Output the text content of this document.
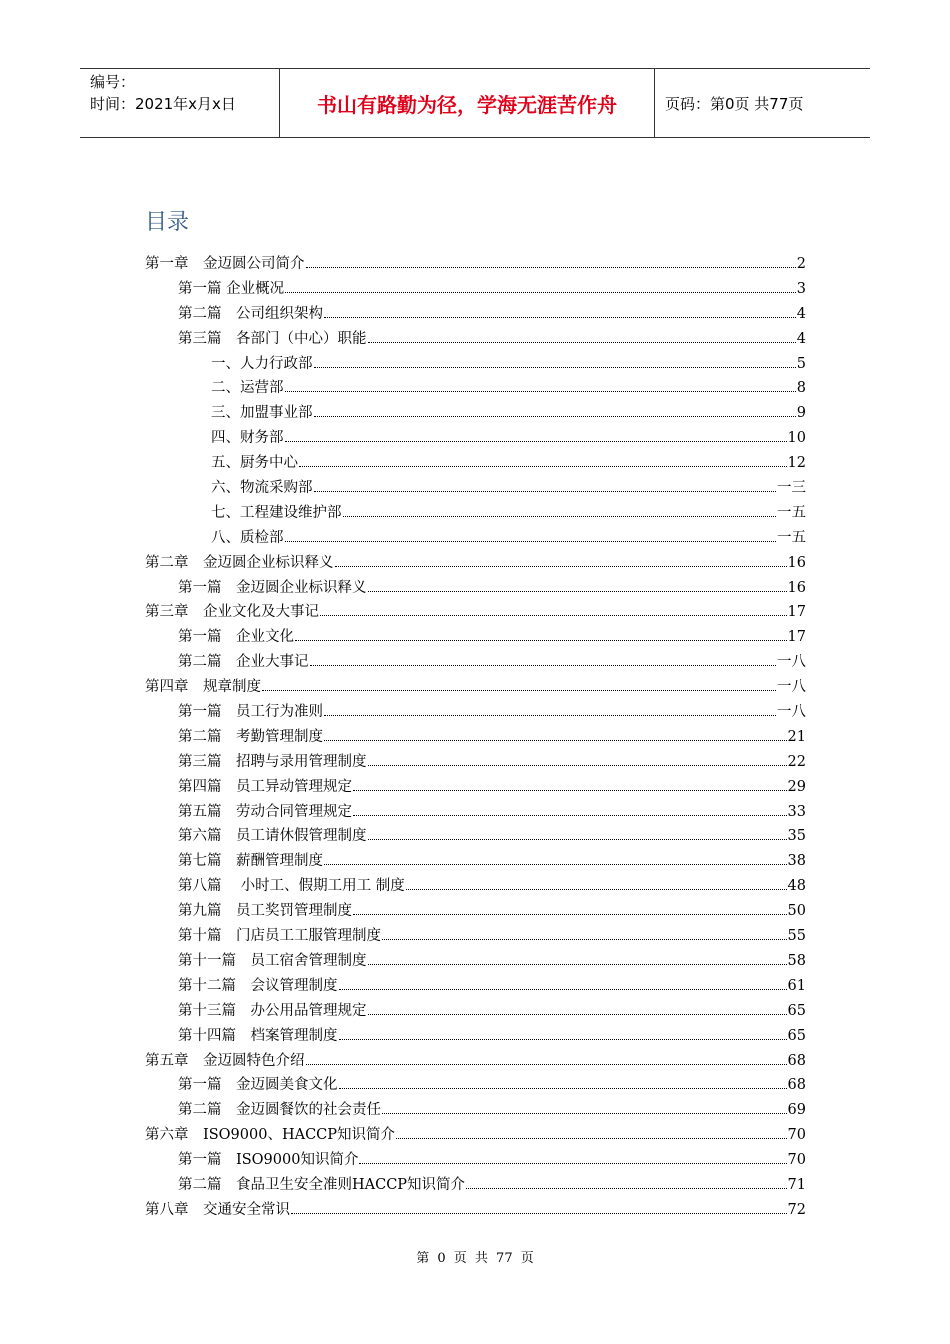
编号：
时间：2021年x月x日	书山有路勤为径，学海无涯苦作舟	页码：第0页 共77页
目录
第一章　金迈圆公司简介	2
第一篇 企业概况	3
第二篇　公司组织架构	4
第三篇　各部门（中心）职能	4
一、人力行政部	5
二、运营部	8
三、加盟事业部	9
四、财务部	10
五、厨务中心	12
六、物流采购部	一三
七、工程建设维护部	一五
八、质检部	一五
第二章　金迈圆企业标识释义	16
第一篇　金迈圆企业标识释义	16
第三章　企业文化及大事记	17
第一篇　企业文化	17
第二篇　企业大事记	一八
第四章　规章制度	一八
第一篇　员工行为准则	一八
第二篇　考勤管理制度	21
第三篇　招聘与录用管理制度	22
第四篇　员工异动管理规定	29
第五篇　劳动合同管理规定	33
第六篇　员工请休假管理制度	35
第七篇　薪酬管理制度	38
第八篇　 小时工、假期工用工 制度	48
第九篇　员工奖罚管理制度	50
第十篇　门店员工工服管理制度	55
第十一篇　员工宿舍管理制度	58
第十二篇　会议管理制度	61
第十三篇　办公用品管理规定	65
第十四篇　档案管理制度	65
第五章　金迈圆特色介绍	68
第一篇　金迈圆美食文化	68
第二篇　金迈圆餐饮的社会责任	69
第六章　ISO9000、HACCP知识简介	70
第一篇　ISO9000知识简介	70
第二篇　食品卫生安全准则HACCP知识简介	71
第八章　交通安全常识	72
第 0 页 共 77 页
